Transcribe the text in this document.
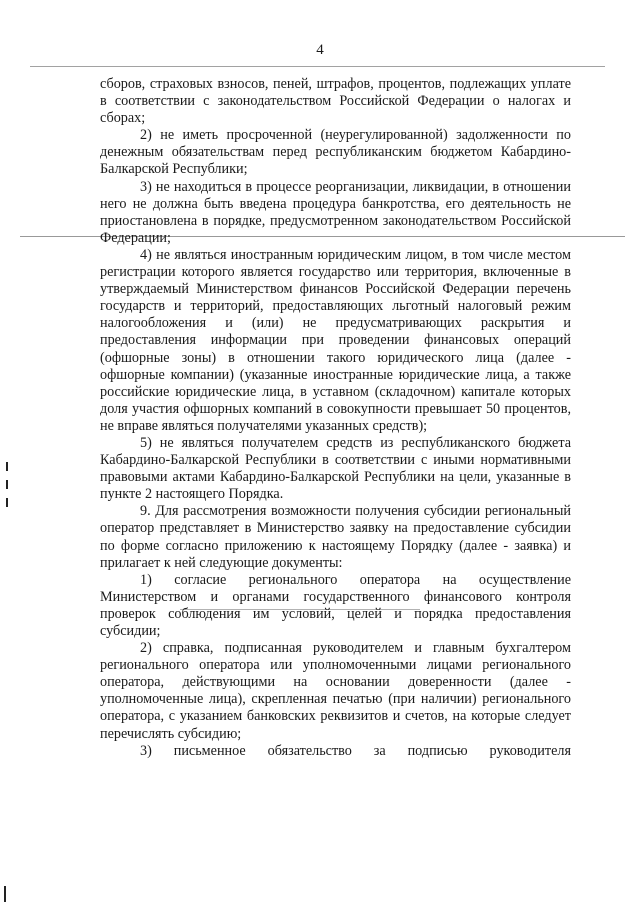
4

сборов, страховых взносов, пеней, штрафов, процентов, подлежащих уплате в соответствии с законодательством Российской Федерации о налогах и сборах;

2) не иметь просроченной (неурегулированной) задолженности по денежным обязательствам перед республиканским бюджетом Кабардино-Балкарской Республики;

3) не находиться в процессе реорганизации, ликвидации, в отношении него не должна быть введена процедура банкротства, его деятельность не приостановлена в порядке, предусмотренном законодательством Российской Федерации;

4) не являться иностранным юридическим лицом, в том числе местом регистрации которого является государство или территория, включенные в утверждаемый Министерством финансов Российской Федерации перечень государств и территорий, предоставляющих льготный налоговый режим налогообложения и (или) не предусматривающих раскрытия и предоставления информации при проведении финансовых операций (офшорные зоны) в отношении такого юридического лица (далее - офшорные компании) (указанные иностранные юридические лица, а также российские юридические лица, в уставном (складочном) капитале которых доля участия офшорных компаний в совокупности превышает 50 процентов, не вправе являться получателями указанных средств);

5) не являться получателем средств из республиканского бюджета Кабардино-Балкарской Республики в соответствии с иными нормативными правовыми актами Кабардино-Балкарской Республики на цели, указанные в пункте 2 настоящего Порядка.

9. Для рассмотрения возможности получения субсидии региональный оператор представляет в Министерство заявку на предоставление субсидии по форме согласно приложению к настоящему Порядку (далее - заявка) и прилагает к ней следующие документы:

1) согласие регионального оператора на осуществление Министерством и органами государственного финансового контроля проверок соблюдения им условий, целей и порядка предоставления субсидии;

2) справка, подписанная руководителем и главным бухгалтером регионального оператора или уполномоченными лицами регионального оператора, действующими на основании доверенности (далее - уполномоченные лица), скрепленная печатью (при наличии) регионального оператора, с указанием банковских реквизитов и счетов, на которые следует перечислять субсидию;

3) письменное обязательство за подписью руководителя
